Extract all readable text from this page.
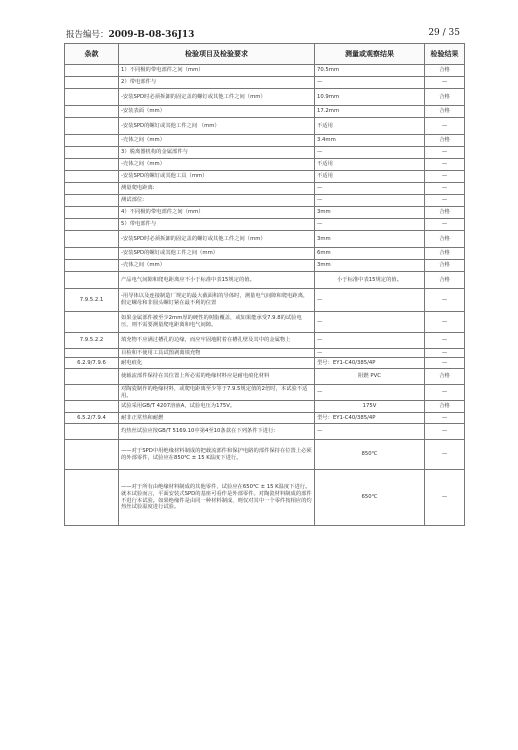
报告编号：2009-B-08-36J13	29 / 35
条款	检验项目及检验要求	测量或观察结果	检验结果
	1）不同极的带电部件之间（mm）	70.5mm	合格
	2）带电部件与	—	—
	-安装SPD时必须拆卸的固定盖的螺钉或其他工件之间（mm）	10.9mm	合格
	-安装表面（mm）	17.2mm	合格
	-安装SPD的螺钉或其他工件之间 （mm）	不适用	—
	-壳体之间（mm）	3.4mm	合格
	3）脱离器机构的金属部件与	—	—
	-壳体之间（mm）	不适用	—
	-安装SPD的螺钉或其他工具（mm）	不适用	—
	测量爬电距离:	—	—
	测试部位:	—	—
	4）不同极的带电部件之间（mm）	3mm	合格
	5）带电部件与	—	—
	-安装SPD时必须拆卸的固定盖的螺钉或其他工件之间（mm）	3mm	合格
	-安装SPD的螺钉或其他工件之间（mm）	6mm	合格
	-壳体之间（mm）	3mm	合格
	产品电气间隙和爬电距离应不小于标准中表15规定的值。	小于标准中表15规定的值。	合格
7.9.5.2.1	-用导体以及连接制造厂规定的最大截面积的导体时，测量电气间隙和爬电距离，假定螺母和非圆头螺钉紧在最不利的位置	—	—
	如果金属部件被至少2mm厚的硬性的树脂覆盖，或如果能承受7.9.8的试验电压，则不需要测量爬电距离和电气间隙。	—	—
7.9.5.2.2	填充物不应满过槽孔的边缘，而应牢固地附着在槽孔壁及其中的金属物上	—	—
	目检和不使用工具试图剥离填充物	—	—
6.2.9/7.9.6	耐电痕化	型号：EY1-C40/385/4P	—
	使载流部件保持在其位置上所必需的绝缘材料应是耐电痕化材料	阻燃 PVC	合格
	对陶瓷制作的绝缘材料，或爬电距离至少等于7.9.5规定值的2倍时，本试验不适用。	—	—
	试验采用GB/T 4207溶液A，试验电压为175V。	175V	合格
6.5.2/7.9.4	耐非正常热和耐燃	型号：EY1-C40/385/4P	—
	灼热丝试验应按GB/T 5169.10中第4至10条款在下列条件下进行：	—	—
	——对于SPD中用绝缘材料制成的把载流部件和保护电路的部件保持在位置上必须的外部零件，试验应在850℃ ± 15 K温度下进行。	850℃	—
	——对于所有由绝缘材料制成的其他零件，试验应在650℃ ± 15 K温度下进行。就本试验而言，平面安装式SPD的基座可看作是外部零件。对陶瓷材料制成的部件不进行本试验。如果绝缘件是由同一种材料制成，则仅对其中一个零件按相应的灼热丝试验温度进行试验。	650℃	—
